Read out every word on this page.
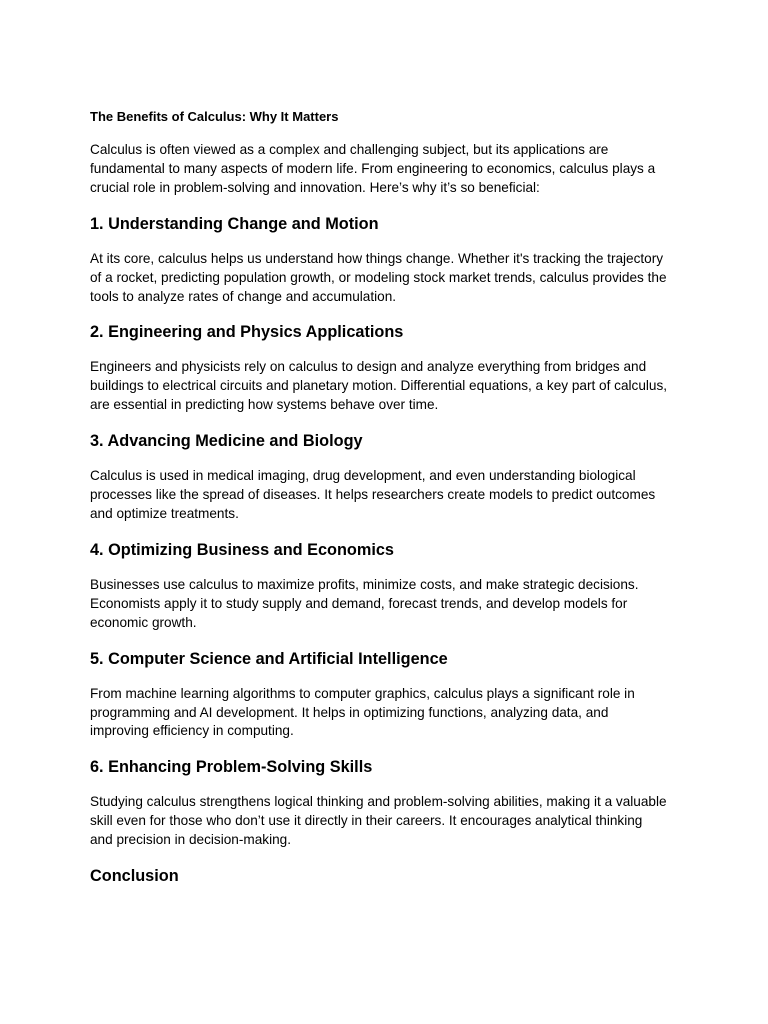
The Benefits of Calculus: Why It Matters

Calculus is often viewed as a complex and challenging subject, but its applications are
fundamental to many aspects of modern life. From engineering to economics, calculus plays a
crucial role in problem-solving and innovation. Here’s why it’s so beneficial:

1. Understanding Change and Motion

At its core, calculus helps us understand how things change. Whether it's tracking the trajectory
of a rocket, predicting population growth, or modeling stock market trends, calculus provides the
tools to analyze rates of change and accumulation.

2. Engineering and Physics Applications

Engineers and physicists rely on calculus to design and analyze everything from bridges and
buildings to electrical circuits and planetary motion. Differential equations, a key part of calculus,
are essential in predicting how systems behave over time.

3. Advancing Medicine and Biology

Calculus is used in medical imaging, drug development, and even understanding biological
processes like the spread of diseases. It helps researchers create models to predict outcomes
and optimize treatments.

4. Optimizing Business and Economics

Businesses use calculus to maximize profits, minimize costs, and make strategic decisions.
Economists apply it to study supply and demand, forecast trends, and develop models for
economic growth.

5. Computer Science and Artificial Intelligence

From machine learning algorithms to computer graphics, calculus plays a significant role in
programming and AI development. It helps in optimizing functions, analyzing data, and
improving efficiency in computing.

6. Enhancing Problem-Solving Skills

Studying calculus strengthens logical thinking and problem-solving abilities, making it a valuable
skill even for those who don’t use it directly in their careers. It encourages analytical thinking
and precision in decision-making.

Conclusion
